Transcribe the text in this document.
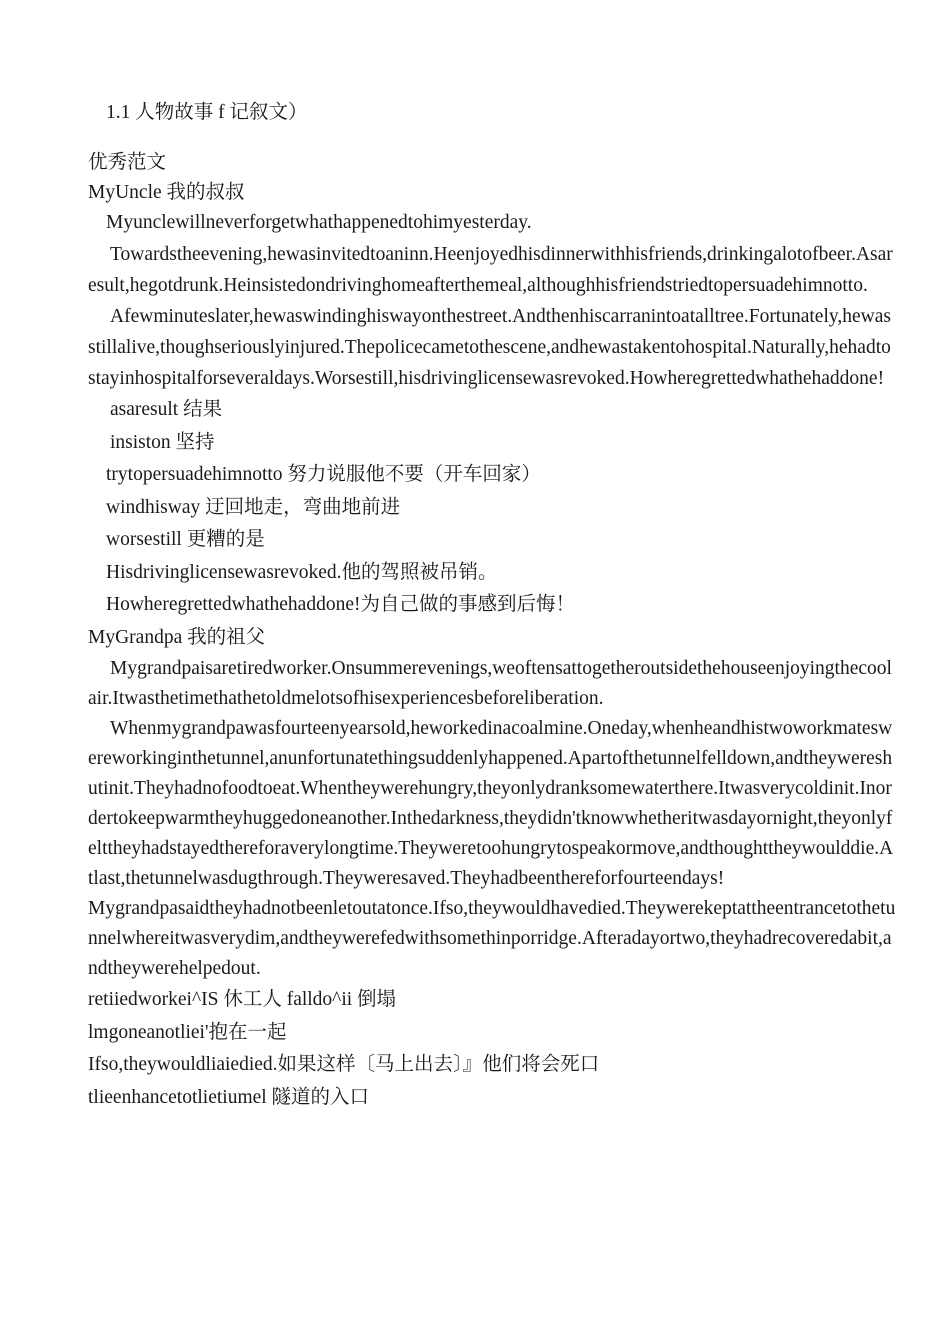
1.1 人物故事 f 记叙文）
优秀范文
MyUncle 我的叔叔
Myunclewillneverforgetwhathappenedtohimyesterday.
Towardstheevening,hewasinvitedtoaninn.Heenjoyedhisdinnerwithhisfriends,drinkingalotofbeer.Asaresult,hegotdrunk.Heinsistedondrivinghomeafterthemeal,althoughhisfriendstriedtopersuadehimnotto.
Afewminuteslater,hewaswindinghiswayonthestreet.Andthenhiscarranintoatalltree.Fortunately,hewasstillalive,thoughseriouslyinjured.Thepolicecametothescene,andhewastakentohospital.Naturally,hehadtostayinhospitalforseveraldays.Worsestill,hisdrivinglicensewasrevoked.Howheregrettedwhathehaddone!
asaresult 结果
insiston 坚持
trytopersuadehimnotto 努力说服他不要（开车回家）
windhisway 迂回地走，弯曲地前进
worsestill 更糟的是
Hisdrivinglicensewasrevoked.他的驾照被吊销。
Howheregrettedwhathehaddone!为自己做的事感到后悔！
MyGrandpa 我的祖父
Mygrandpaisaretiredworker.Onsummerevenings,weoftensattogetheroutsidethehouseenjoyingthecoolair.Itwasthetimethathetoldmelotsofhisexperiencesbeforeliberation.
Whenmygrandpawasfourteenyearsold,heworkedinacoalmine.Oneday,whenheandhistwoworkmateswereworkinginthetunnel,anunfortunatethingsuddenlyhappened.Apartofthetunnelfelldown,andtheywereshutinit.Theyhadnofoodtoeat.Whentheywerehungry,theyonlydranksomewaterthere.Itwasverycoldinit.Inordertokeepwarmtheyhuggedoneanother.Inthedarkness,theydidn'tknowwhetheritwasdayornight,theyonlyfelttheyhadstayedthereforaverylongtime.Theyweretoohungrytospeakormove,andthoughttheywoulddie.Atlast,thetunnelwasdugthrough.Theyweresaved.Theyhadbeenthereforfourteendays!
Mygrandpasaidtheyhadnotbeenletoutatonce.Ifso,theywouldhavedied.Theywerekeptattheentrancetothetunnelwhereitwasverydim,andtheywerefedwithsomethinporridge.Afteradayortwo,theyhadrecoveredabit,andtheywerehelpedout.
retiiedworkei^IS 休工人 falldo^ii 倒塌
lmgoneanotliei'抱在一起
Ifso,theywouldliaiedied.如果这样〔马上出去〕』他们将会死口
tlieenhancetotlietiumel 隧道的入口
